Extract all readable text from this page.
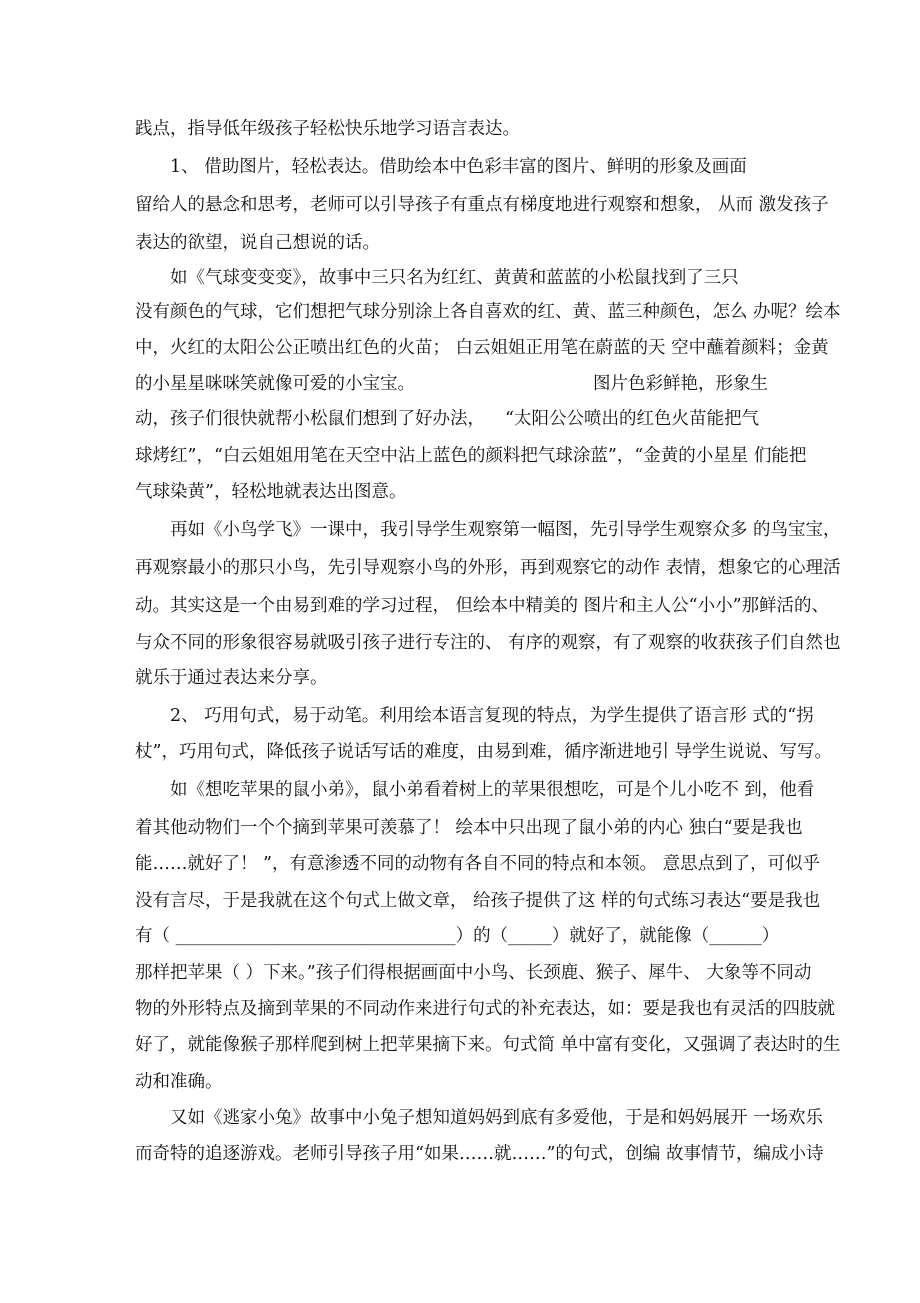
践点，指导低年级孩子轻松快乐地学习语言表达。
1、 借助图片，轻松表达。借助绘本中色彩丰富的图片、鲜明的形象及画面
留给人的悬念和思考，老师可以引导孩子有重点有梯度地进行观察和想象， 从而 激发孩子
表达的欲望，说自己想说的话。
如《气球变变变》，故事中三只名为红红、黄黄和蓝蓝的小松鼠找到了三只
没有颜色的气球，它们想把气球分别涂上各自喜欢的红、黄、蓝三种颜色，怎么 办呢？绘本
中，火红的太阳公公正喷出红色的火苗； 白云姐姐正用笔在蔚蓝的天 空中蘸着颜料；金黄
的小星星咪咪笑就像可爱的小宝宝。	图片色彩鲜艳，形象生
动，孩子们很快就帮小松鼠们想到了好办法， “太阳公公喷出的红色火苗能把气
球烤红”，“白云姐姐用笔在天空中沾上蓝色的颜料把气球涂蓝”，“金黄的小星星 们能把
气球染黄”，轻松地就表达出图意。
再如《小鸟学飞》一课中，我引导学生观察第一幅图，先引导学生观察众多 的鸟宝宝，
再观察最小的那只小鸟，先引导观察小鸟的外形，再到观察它的动作 表情，想象它的心理活
动。其实这是一个由易到难的学习过程， 但绘本中精美的 图片和主人公“小小”那鲜活的、
与众不同的形象很容易就吸引孩子进行专注的、 有序的观察，有了观察的收获孩子们自然也
就乐于通过表达来分享。
2、 巧用句式，易于动笔。利用绘本语言复现的特点，为学生提供了语言形 式的“拐
杖”，巧用句式，降低孩子说话写话的难度，由易到难，循序渐进地引 导学生说说、写写。
如《想吃苹果的鼠小弟》，鼠小弟看着树上的苹果很想吃，可是个儿小吃不 到，他看
着其他动物们一个个摘到苹果可羡慕了！ 绘本中只出现了鼠小弟的内心 独白“要是我也
能……就好了！ ”，有意渗透不同的动物有各自不同的特点和本领。 意思点到了，可似乎
没有言尽，于是我就在这个句式上做文章， 给孩子提供了这 样的句式练习表达“要是我也
有（ ________________________________）的（_____）就好了，就能像（______）
那样把苹果（ ）下来。”孩子们得根据画面中小鸟、长颈鹿、猴子、犀牛、 大象等不同动
物的外形特点及摘到苹果的不同动作来进行句式的补充表达，如：要是我也有灵活的四肢就
好了，就能像猴子那样爬到树上把苹果摘下来。句式简 单中富有变化，又强调了表达时的生
动和准确。
又如《逃家小兔》故事中小兔子想知道妈妈到底有多爱他，于是和妈妈展开 一场欢乐
而奇特的追逐游戏。老师引导孩子用“如果……就……”的句式，创编 故事情节，编成小诗
